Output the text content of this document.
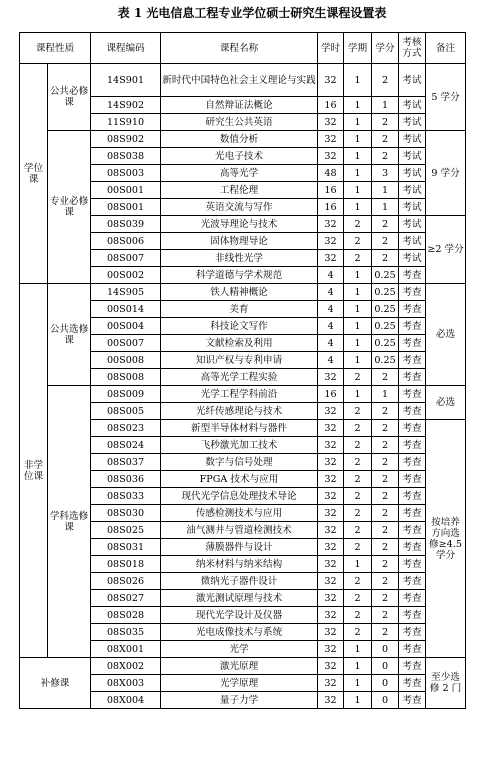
表 1 光电信息工程专业学位硕士研究生课程设置表
课程性质		课程编码	课程名称	学时	学期	学分	考核方式	备注
学位课	公共必修课	14S901	新时代中国特色社会主义理论与实践	32	1	2	考试	5 学分
		14S902	自然辩证法概论	16	1	1	考试	
		11S910	研究生公共英语	32	1	2	考试	
	专业必修课	08S902	数值分析	32	1	2	考试	9 学分
		08S038	光电子技术	32	1	2	考试	
		08S003	高等光学	48	1	3	考试	
		00S001	工程伦理	16	1	1	考试	
		08S001	英语交流与写作	16	1	1	考试	
		08S039	光波导理论与技术	32	2	2	考试	≥2 学分
		08S006	固体物理导论	32	2	2	考试	
		08S007	非线性光学	32	2	2	考试	
		00S002	科学道德与学术规范	4	1	0.25	考查	
非学位课	公共选修课	14S905	铁人精神概论	4	1	0.25	考查	必选
		00S014	美育	4	1	0.25	考查	
		00S004	科技论文写作	4	1	0.25	考查	
		00S007	文献检索及利用	4	1	0.25	考查	
		00S008	知识产权与专利申请	4	1	0.25	考查	
		08S008	高等光学工程实验	32	2	2	考查	
	学科选修课	08S009	光学工程学科前沿	16	1	1	考查	必选
		08S005	光纤传感理论与技术	32	2	2	考查	
		08S023	新型半导体材料与器件	32	2	2	考查	按培养方向选修≥4.5 学分
		08S024	飞秒激光加工技术	32	2	2	考查	
		08S037	数字与信号处理	32	2	2	考查	
		08S036	FPGA 技术与应用	32	2	2	考查	
		08S033	现代光学信息处理技术导论	32	2	2	考查	
		08S030	传感检测技术与应用	32	2	2	考查	
		08S025	油气测井与管道检测技术	32	2	2	考查	
		08S031	薄膜器件与设计	32	2	2	考查	
		08S018	纳米材料与纳米结构	32	1	2	考查	
		08S026	微纳光子器件设计	32	2	2	考查	
		08S027	激光测试原理与技术	32	2	2	考查	
		08S028	现代光学设计及仪器	32	2	2	考查	
		08S035	光电成像技术与系统	32	2	2	考查	
		08X001	光学	32	1	0	考查	
补修课		08X002	激光原理	32	1	0	考查	至少选修 2 门
		08X003	光学原理	32	1	0	考查	
		08X004	量子力学	32	1	0	考查	
